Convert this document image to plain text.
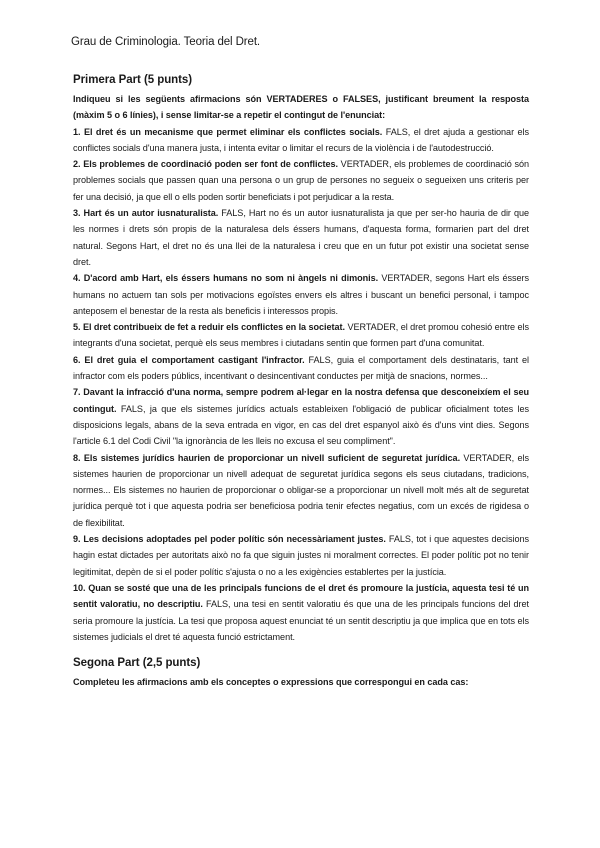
Grau de Criminologia. Teoria del Dret.
Primera Part (5 punts)

Indiqueu si les següents afirmacions són VERTADERES o FALSES, justificant breument la resposta (màxim 5 o 6 línies), i sense limitar-se a repetir el contingut de l'enunciat:

1. El dret és un mecanisme que permet eliminar els conflictes socials. FALS, el dret ajuda a gestionar els conflictes socials d'una manera justa, i intenta evitar o limitar el recurs de la violència i de l'autodestrucció.

2. Els problemes de coordinació poden ser font de conflictes. VERTADER, els problemes de coordinació són problemes socials que passen quan una persona o un grup de persones no segueix o segueixen uns criteris per fer una decisió, ja que ell o ells poden sortir beneficiats i pot perjudicar a la resta.

3. Hart és un autor iusnaturalista. FALS, Hart no és un autor iusnaturalista ja que per ser-ho hauria de dir que les normes i drets són propis de la naturalesa dels éssers humans, d'aquesta forma, formarien part del dret natural. Segons Hart, el dret no és una llei de la naturalesa i creu que en un futur pot existir una societat sense dret.

4. D'acord amb Hart, els éssers humans no som ni àngels ni dimonis. VERTADER, segons Hart els éssers humans no actuem tan sols per motivacions egoïstes envers els altres i buscant un benefici personal, i tampoc anteposem el benestar de la resta als beneficis i interessos propis.

5. El dret contribueix de fet a reduir els conflictes en la societat. VERTADER, el dret promou cohesió entre els integrants d'una societat, perquè els seus membres i ciutadans sentin que formen part d'una comunitat.

6. El dret guia el comportament castigant l'infractor. FALS, guia el comportament dels destinataris, tant el infractor com els poders públics, incentivant o desincentivant conductes per mitjà de snacions, normes...

7. Davant la infracció d'una norma, sempre podrem al·legar en la nostra defensa que desconeixíem el seu contingut. FALS, ja que els sistemes jurídics actuals estableixen l'obligació de publicar oficialment totes les disposicions legals, abans de la seva entrada en vigor, en cas del dret espanyol això és d'uns vint dies. Segons l'article 6.1 del Codi Civil "la ignorància de les lleis no excusa el seu compliment".

8. Els sistemes jurídics haurien de proporcionar un nivell suficient de seguretat jurídica. VERTADER, els sistemes haurien de proporcionar un nivell adequat de seguretat jurídica segons els seus ciutadans, tradicions, normes... Els sistemes no haurien de proporcionar o obligar-se a proporcionar un nivell molt més alt de seguretat jurídica perquè tot i que aquesta podria ser beneficiosa podria tenir efectes negatius, com un excés de rigidesa o de flexibilitat.

9. Les decisions adoptades pel poder polític són necessàriament justes. FALS, tot i que aquestes decisions hagin estat dictades per autoritats això no fa que siguin justes ni moralment correctes. El poder polític pot no tenir legitimitat, depèn de si el poder polític s'ajusta o no a les exigències establertes per la justícia.

10. Quan se sosté que una de les principals funcions de el dret és promoure la justícia, aquesta tesi té un sentit valoratiu, no descriptiu. FALS, una tesi en sentit valoratiu és que una de les principals funcions del dret seria promoure la justícia. La tesi que proposa aquest enunciat té un sentit descriptiu ja que implica que en tots els sistemes judicials el dret té aquesta funció estrictament.

Segona Part (2,5 punts)

Completeu les afirmacions amb els conceptes o expressions que correspongui en cada cas:
